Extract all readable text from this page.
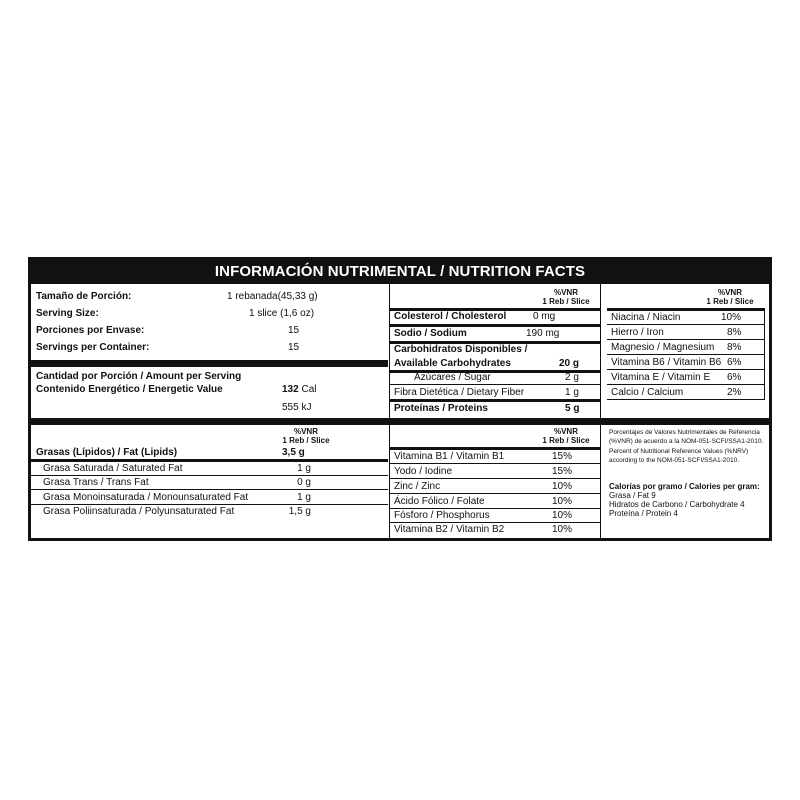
INFORMACIÓN NUTRIMENTAL / NUTRITION FACTS
Tamaño de Porción:	1 rebanada(45,33 g)
Serving Size:	1 slice (1,6 oz)
Porciones por Envase:	15
Servings per Container:	15
Cantidad por Porción / Amount per Serving
Contenido Energético / Energetic Value	132 Cal
555 kJ
%VNR
1 Reb / Slice
Grasas (Lípidos) / Fat (Lipids)	3,5 g
Grasa Saturada / Saturated Fat	1 g
Grasa Trans / Trans Fat	0 g
Grasa Monoinsaturada / Monounsaturated Fat	1 g
Grasa Poliinsaturada / Polyunsaturated Fat	1,5 g
%VNR
1 Reb / Slice
Colesterol / Cholesterol	0 mg
Sodio / Sodium	190 mg
Carbohidratos Disponibles /
Available Carbohydrates	20 g
Azúcares / Sugar	2 g
Fibra Dietética / Dietary Fiber	1 g
Proteínas / Proteins	5 g
%VNR
1 Reb / Slice
Vitamina B1 / Vitamin B1	15%
Yodo / Iodine	15%
Zinc / Zinc	10%
Ácido Fólico / Folate	10%
Fósforo / Phosphorus	10%
Vitamina B2 / Vitamin B2	10%
%VNR
1 Reb / Slice
Niacina / Niacin	10%
Hierro / Iron	8%
Magnesio / Magnesium 8%
Vitamina B6 / Vitamin B6 6%
Vitamina E / Vitamin E 6%
Calcio / Calcium	2%
Porcentajes de Valores Nutrimentales de Referencia
(%VNR) de acuerdo a la NOM-051-SCFI/SSA1-2010.
Percent of Nutritional Reference Values (%NRV)
according to the NOM-051-SCFI/SSA1-2010.
Calorías por gramo / Calories per gram:
Grasa / Fat 9
Hidratos de Carbono / Carbohydrate 4
Proteína / Protein 4
